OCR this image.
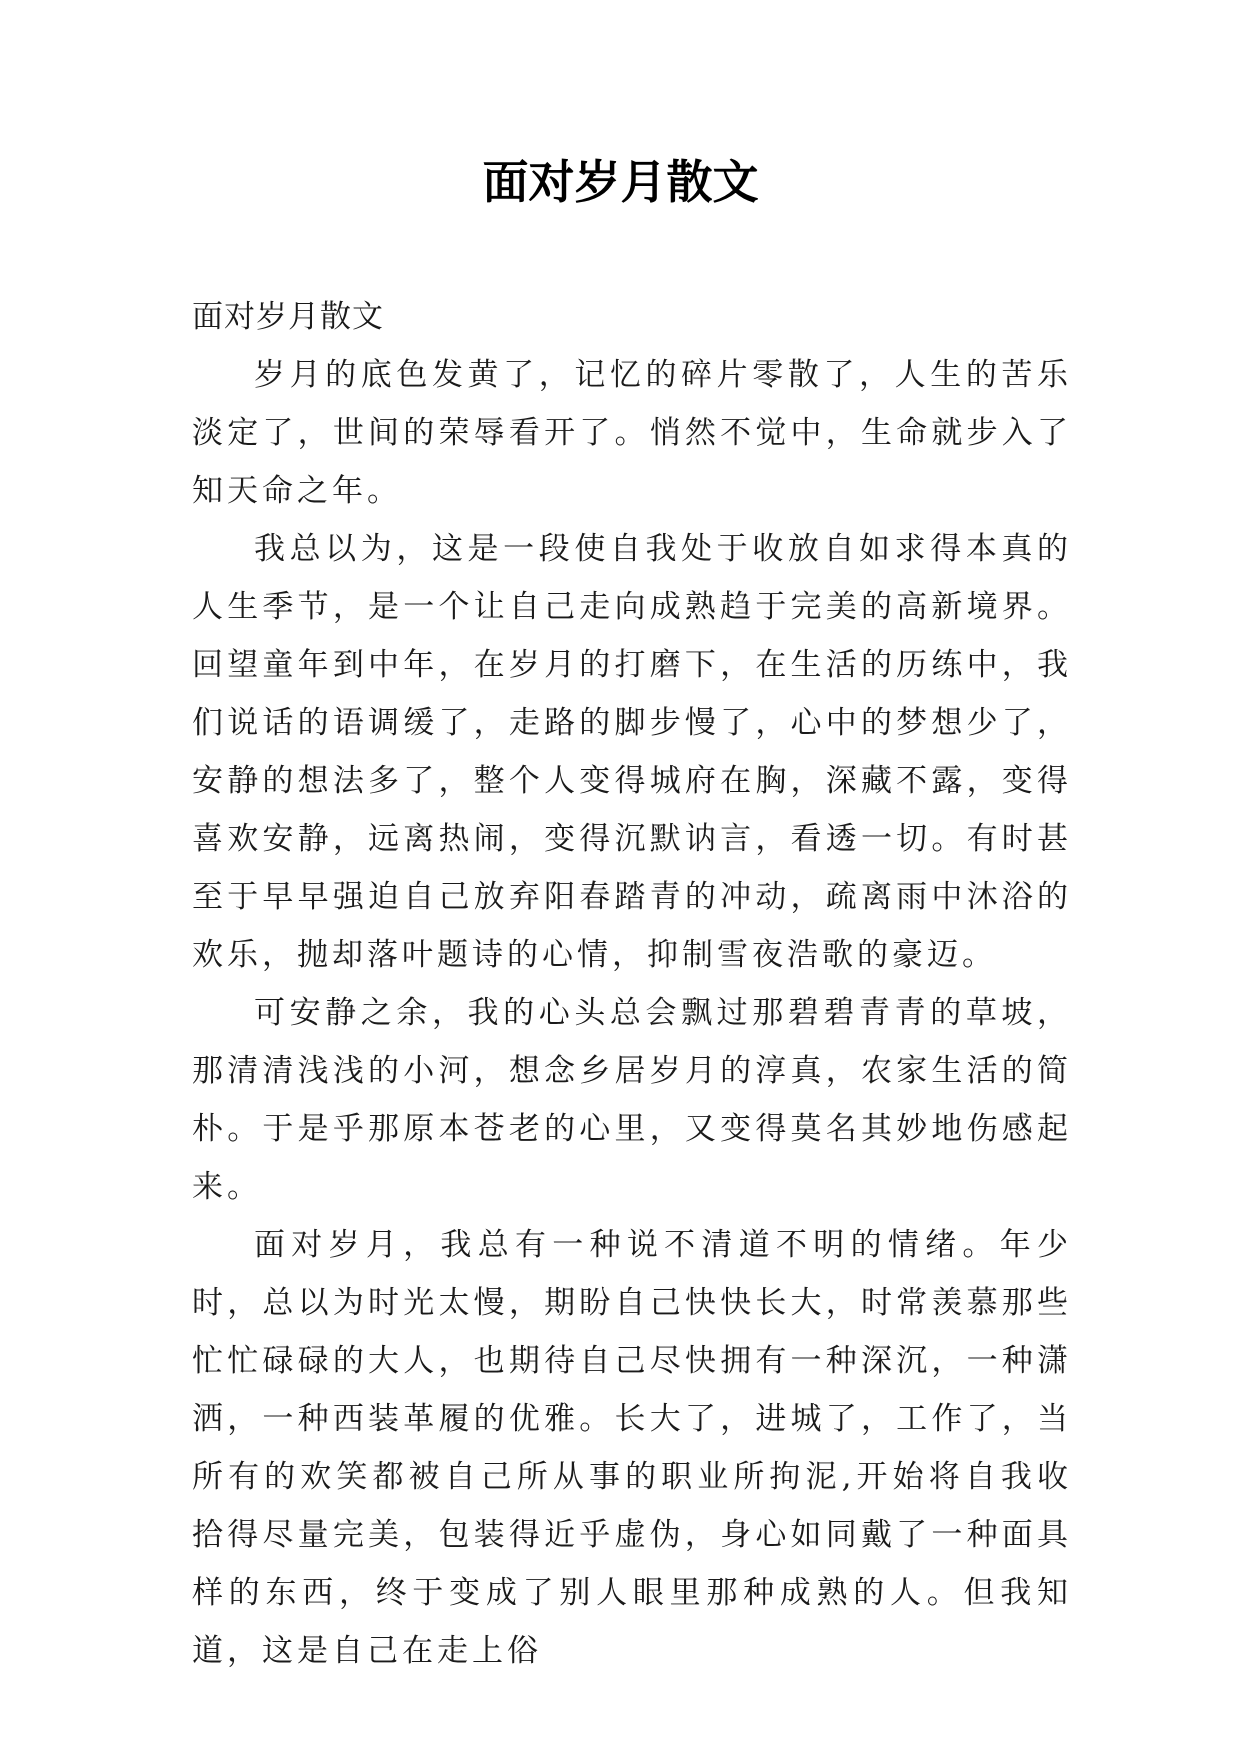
面对岁月散文

面对岁月散文

岁月的底色发黄了，记忆的碎片零散了，人生的苦乐淡定了，世间的荣辱看开了。悄然不觉中，生命就步入了知天命之年。

我总以为，这是一段使自我处于收放自如求得本真的人生季节，是一个让自己走向成熟趋于完美的高新境界。回望童年到中年，在岁月的打磨下，在生活的历练中，我们说话的语调缓了，走路的脚步慢了，心中的梦想少了，安静的想法多了，整个人变得城府在胸，深藏不露，变得喜欢安静，远离热闹，变得沉默讷言，看透一切。有时甚至于早早强迫自己放弃阳春踏青的冲动，疏离雨中沐浴的欢乐，抛却落叶题诗的心情，抑制雪夜浩歌的豪迈。

可安静之余，我的心头总会飘过那碧碧青青的草坡，那清清浅浅的小河，想念乡居岁月的淳真，农家生活的简朴。于是乎那原本苍老的心里，又变得莫名其妙地伤感起来。

面对岁月，我总有一种说不清道不明的情绪。年少时，总以为时光太慢，期盼自己快快长大，时常羡慕那些忙忙碌碌的大人，也期待自己尽快拥有一种深沉，一种潇洒，一种西装革履的优雅。长大了，进城了，工作了，当所有的欢笑都被自己所从事的职业所拘泥,开始将自我收拾得尽量完美，包装得近乎虚伪，身心如同戴了一种面具样的东西，终于变成了别人眼里那种成熟的人。但我知道，这是自己在走上俗
